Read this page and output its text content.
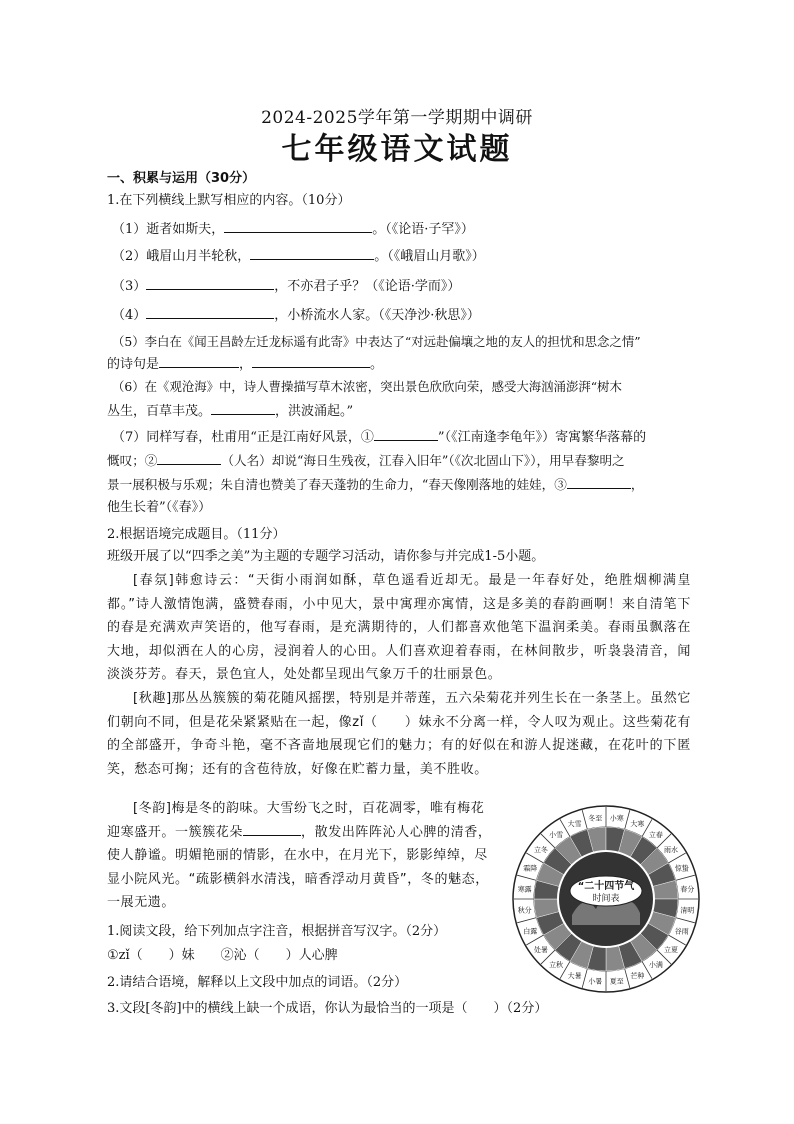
2024-2025学年第一学期期中调研
七年级语文试题
一、积累与运用（30分）
1.在下列横线上默写相应的内容。（10分）
（1）逝者如斯夫，	。（《论语·子罕》）
（2）峨眉山月半轮秋，	。（《峨眉山月歌》）
（3）	，不亦君子乎？（《论语·学而》）
（4）	，小桥流水人家。（《天净沙·秋思》）
（5）李白在《闻王昌龄左迁龙标遥有此寄》中表达了“对远赴偏壤之地的友人的担忧和思念之情”
的诗句是	，	。
（6）在《观沧海》中，诗人曹操描写草木浓密，突出景色欣欣向荣，感受大海汹涌澎湃“树木
丛生，百草丰茂。	，洪波涌起。”
（7）同样写春，杜甫用“正是江南好风景，①	”（《江南逢李龟年》）寄寓繁华落幕的
慨叹；②	（人名）却说“海日生残夜，江春入旧年”（《次北固山下》），用早春黎明之
景一展积极与乐观；朱自清也赞美了春天蓬勃的生命力，“春天像刚落地的娃娃，③	，
他生长着”（《春》）
2.根据语境完成题目。（11分）
班级开展了以“四季之美”为主题的专题学习活动，请你参与并完成1-5小题。

[春氛]韩愈诗云：“天街小雨润如酥，草色遥看近却无。最是一年春好处，绝胜烟柳满皇都。”诗人激情饱满，盛赞春雨，小中见大，景中寓理亦寓情，这是多美的春韵画啊！来自清笔下的春是充满欢声笑语的，他写春雨，是充满期待的，人们都喜欢他笔下温润柔美。春雨虽飘落在大地，却似洒在人的心房，浸润着人的心田。人们喜欢迎着春雨，在林间散步，听袅袅清音，闻淡淡芬芳。春天，景色宜人，处处都呈现出气象万千的壮丽景色。

[秋趣]那丛丛簇簇的菊花随风摇摆，特别是并蒂莲，五六朵菊花并列生长在一条茎上。虽然它们朝向不同，但是花朵紧紧贴在一起，像zǐ（　　）妹永不分离一样，令人叹为观止。这些菊花有的全部盛开，争奇斗艳，毫不吝啬地展现它们的魅力；有的好似在和游人捉迷藏，在花叶的下匿笑，愁态可掬；还有的含苞待放，好像在贮蓄力量，美不胜收。

[冬韵]梅是冬的韵味。大雪纷飞之时，百花凋零，唯有梅花

迎寒盛开。一簇簇花朵	，散发出阵阵沁人心脾的清香，

使人静谧。明媚艳丽的情影，在水中，在月光下，影影绰绰，尽

显小院风光。“疏影横斜水清浅，暗香浮动月黄昏”，冬的魅态，

一展无遗。

1.阅读文段，给下列加点字注音，根据拼音写汉字。（2分）
①zǐ（　　）妹　　②沁（　　）人心脾
2.请结合语境，解释以上文段中加点的词语。（2分）
3.文段[冬韵]中的横线上缺一个成语，你认为最恰当的一项是（　　）（2分）
立春
雨水
惊蛰
春分
清明
谷雨
立夏
小满
芒种
夏至
小暑
大暑
立秋
处暑
白露
秋分
寒露
霜降
立冬
小雪
大雪
冬至 小寒
大寒
“二十四节气
时间表
